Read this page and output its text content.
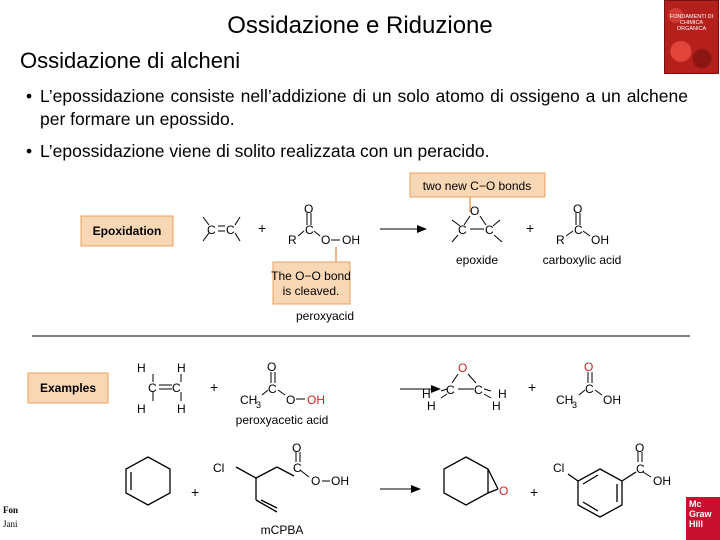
Ossidazione e Riduzione
Ossidazione di alcheni
• L’epossidazione consiste nell’addizione di un solo atomo di ossigeno a un alchene per formare un epossido.
• L’epossidazione viene di solito realizzata con un peracido.
FONDAMENTI DI CHIMICA ORGANICA
Fon
Jani
Mc
Graw
Hill
Epoxidation	C C +
O
R
C
O OH
The O−O bond
is cleaved.
peroxyacid
two new C−O bonds
O
C C
epoxide
+
O
R
C
OH
carboxylic acid
Examples
H	H
C C
H	H
+
O
CH
3
C
O OH
peroxyacetic acid
O
H
H
C C H
H
+
O
CH
3
C
OH
+
Cl
O
C
O OH
mCPBA
O +
Cl
O
C
OH
